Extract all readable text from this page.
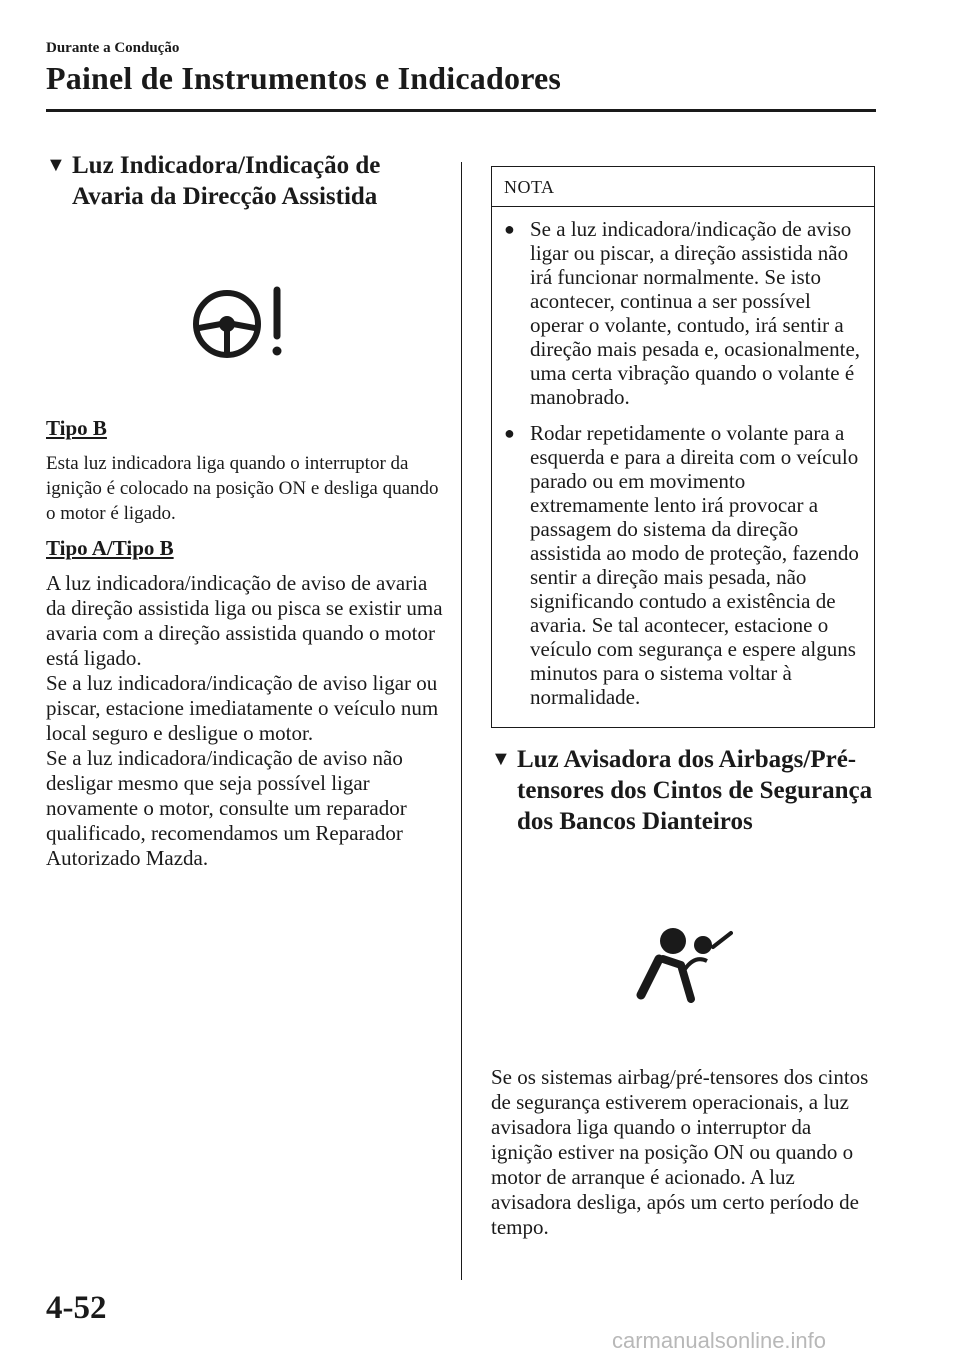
Durante a Condução
Painel de Instrumentos e Indicadores
▼ Luz Indicadora/Indicação de
Avaria da Direcção Assistida

Tipo B

Esta luz indicadora liga quando o interruptor da ignição é colocado na posição ON e desliga quando o motor é ligado.

Tipo A/Tipo B

A luz indicadora/indicação de aviso de avaria da direção assistida liga ou pisca se existir uma avaria com a direção assistida quando o motor está ligado.

Se a luz indicadora/indicação de aviso ligar ou piscar, estacione imediatamente o veículo num local seguro e desligue o motor.

Se a luz indicadora/indicação de aviso não desligar mesmo que seja possível ligar novamente o motor, consulte um reparador qualificado, recomendamos um Reparador Autorizado Mazda.

NOTA
● Se a luz indicadora/indicação de aviso ligar ou piscar, a direção assistida não irá funcionar normalmente. Se isto acontecer, continua a ser possível operar o volante, contudo, irá sentir a direção mais pesada e, ocasionalmente, uma certa vibração quando o volante é manobrado.
● Rodar repetidamente o volante para a esquerda e para a direita com o veículo parado ou em movimento extremamente lento irá provocar a passagem do sistema da direção assistida ao modo de proteção, fazendo sentir a direção mais pesada, não significando contudo a existência de avaria. Se tal acontecer, estacione o veículo com segurança e espere alguns minutos para o sistema voltar à normalidade.
▼ Luz Avisadora dos Airbags/Pré-
tensores dos Cintos de Segurança
dos Bancos Dianteiros

Se os sistemas airbag/pré-tensores dos cintos de segurança estiverem operacionais, a luz avisadora liga quando o interruptor da ignição estiver na posição ON ou quando o motor de arranque é acionado. A luz avisadora desliga, após um certo período de tempo.

4-52
carmanualsonline.info
